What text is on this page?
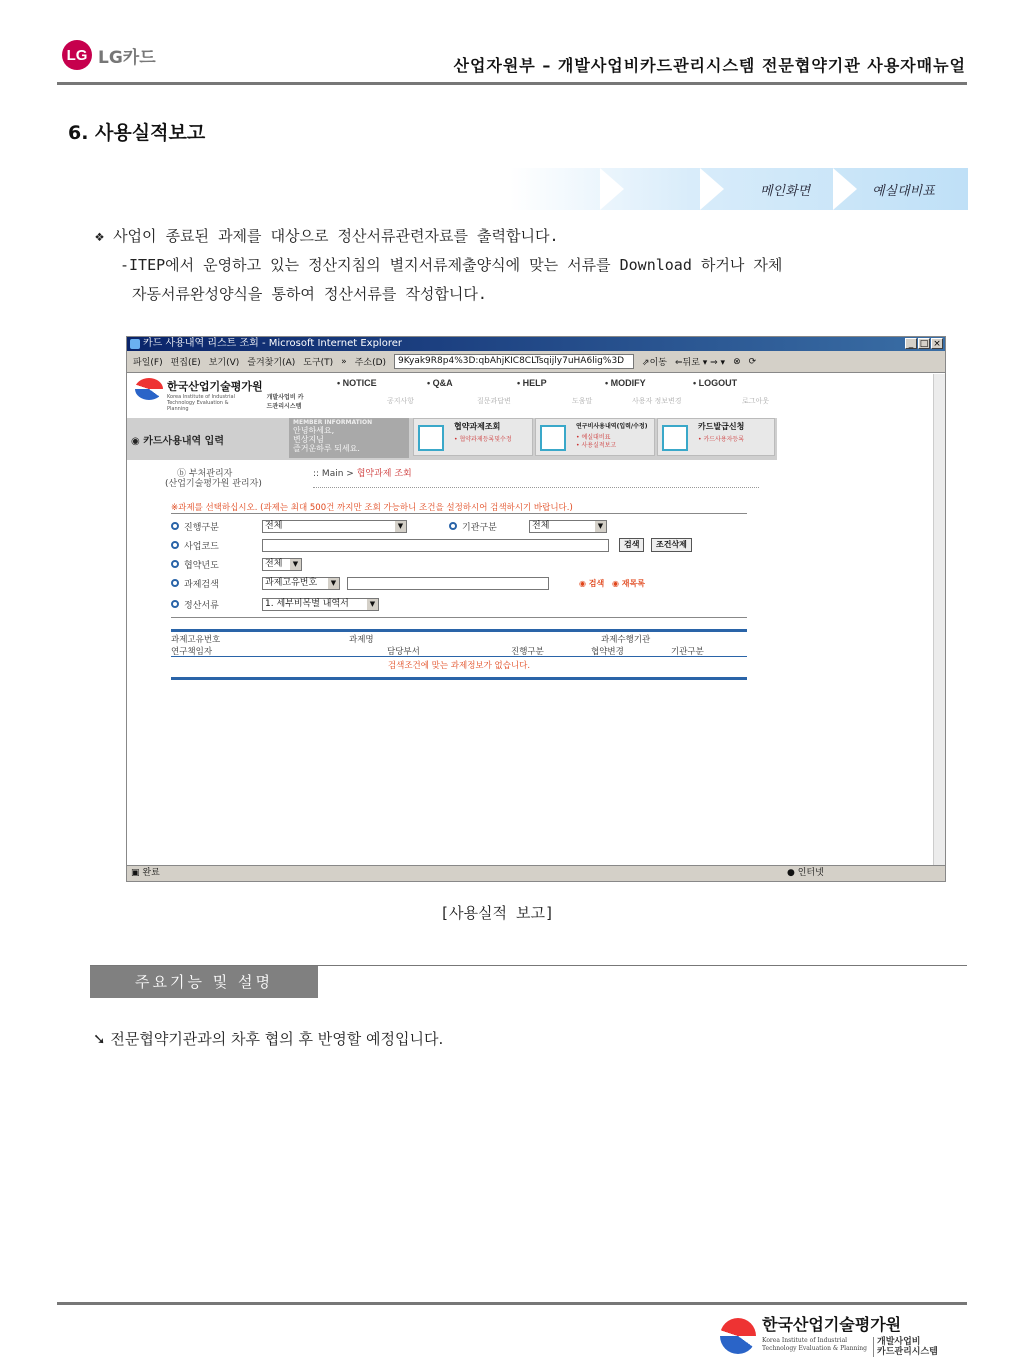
LG LG카드	산업자원부 – 개발사업비카드관리시스템 전문협약기관 사용자매뉴얼
6. 사용실적보고
메인화면	예실대비표
❖ 사업이 종료된 과제를 대상으로 정산서류관련자료를 출력합니다.
-ITEP에서 운영하고 있는 정산지침의 별지서류제출양식에 맞는 서류를 Download 하거나 자체
자동서류완성양식을 통하여 정산서류를 작성합니다.
카드 사용내역 리스트 조회 - Microsoft Internet Explorer	_ □ ×
파일(F) 편집(E) 보기(V) 즐겨찾기(A) 도구(T) » 주소(D)	9Kyak9R8p4%3D:qbAhjKIC8CLTsqijly7uHA6lig%3D	⇗이동 ⇐뒤로 ▾ ⇒ ▾ ⊗ ⟳
한국산업기술평가원
Korea Institute of Industrial Technology Evaluation & Planning
개발사업비 카드관리시스템
• NOTICE
공지사항
• Q&A
질문과답변
• HELP
도움말
• MODIFY
사용자 정보변경
• LOGOUT
로그아웃
◉ 카드사용내역 입력
MEMBER INFORMATION
안녕하세요,
변상지님
즐거운하루 되세요.
협약과제조회
• 협약과제등록및수정
연구비사용내역(입력/수정)
• 예실대비표
• 사용실적보고
카드발급신청
• 카드사용자등록
ⓑ 부처관리자
(산업기술평가원 관리자)
:: Main > 협약과제 조회
※과제를 선택하십시오. (과제는 최대 500건 까지만 조회 가능하니 조건을 설정하시어 검색하시기 바랍니다.)
진행구분	전체	▼	기관구분	전체	▼
사업코드	검색	조건삭제
협약년도	전체	▼
과제검색	과제고유번호	▼	◉ 검색 ◉ 재목록
정산서류	1. 세부비목별 내역서	▼
과제고유번호	과제명	과제수행기관
연구책임자	담당부서	진행구분	협약변경	기관구분
검색조건에 맞는 과제정보가 없습니다.
▣ 완료	● 인터넷
[사용실적 보고]
주요기능 및 설명
➘ 전문협약기관과의 차후 협의 후 반영할 예정입니다.
한국산업기술평가원
Korea Institute of Industrial
Technology Evaluation & Planning
개발사업비
카드관리시스템
